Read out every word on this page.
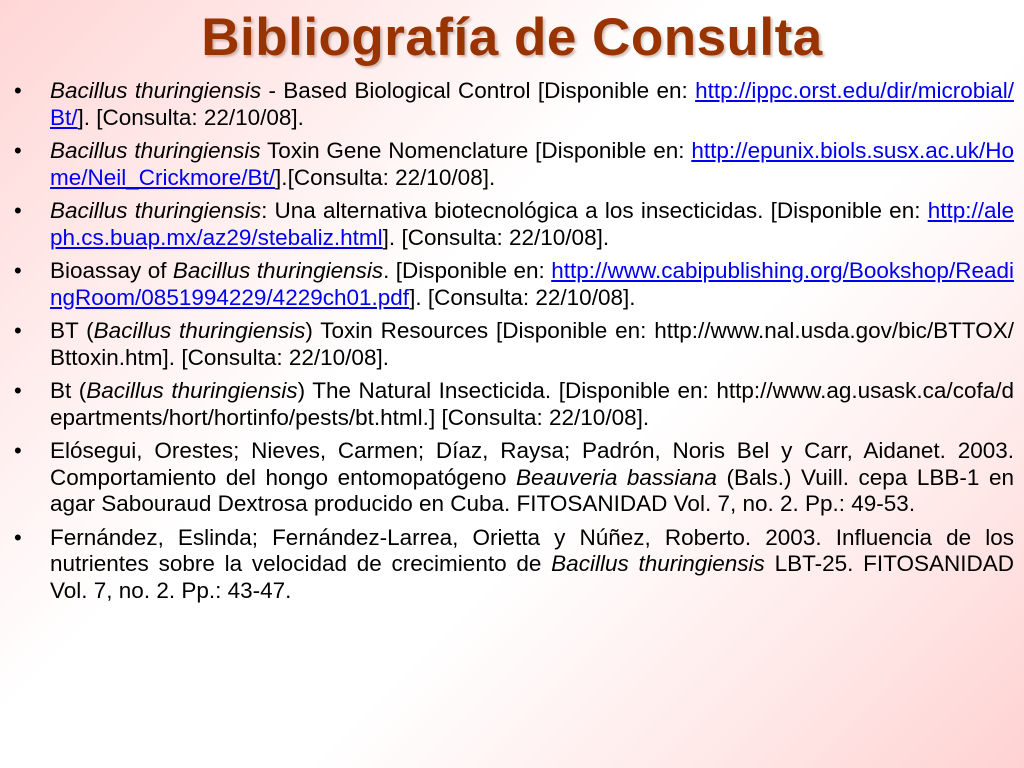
Bibliografía de Consulta
• Bacillus thuringiensis - Based Biological Control [Disponible en: http://ippc.orst.edu/dir/microbial/Bt/]. [Consulta: 22/10/08].
• Bacillus thuringiensis Toxin Gene Nomenclature [Disponible en: http://epunix.biols.susx.ac.uk/Home/Neil_Crickmore/Bt/].[Consulta: 22/10/08].
• Bacillus thuringiensis: Una alternativa biotecnológica a los insecticidas. [Disponible en: http://aleph.cs.buap.mx/az29/stebaliz.html]. [Consulta: 22/10/08].
• Bioassay of Bacillus thuringiensis. [Disponible en: http://www.cabipublishing.org/Bookshop/ReadingRoom/0851994229/4229ch01.pdf]. [Consulta: 22/10/08].
• BT (Bacillus thuringiensis) Toxin Resources [Disponible en: http://www.nal.usda.gov/bic/BTTOX/ Bttoxin.htm]. [Consulta: 22/10/08].
• Bt (Bacillus thuringiensis) The Natural Insecticida. [Disponible en: http://www.ag.usask.ca/cofa/departments/hort/hortinfo/pests/bt.html.] [Consulta: 22/10/08].
• Elósegui, Orestes; Nieves, Carmen; Díaz, Raysa; Padrón, Noris Bel y Carr, Aidanet. 2003. Comportamiento del hongo entomopatógeno Beauveria bassiana (Bals.) Vuill. cepa LBB-1 en agar Sabouraud Dextrosa producido en Cuba. FITOSANIDAD Vol. 7, no. 2. Pp.: 49-53.
• Fernández, Eslinda; Fernández-Larrea, Orietta y Núñez, Roberto. 2003. Influencia de los nutrientes sobre la velocidad de crecimiento de Bacillus thuringiensis LBT-25. FITOSANIDAD Vol. 7, no. 2. Pp.: 43-47.
